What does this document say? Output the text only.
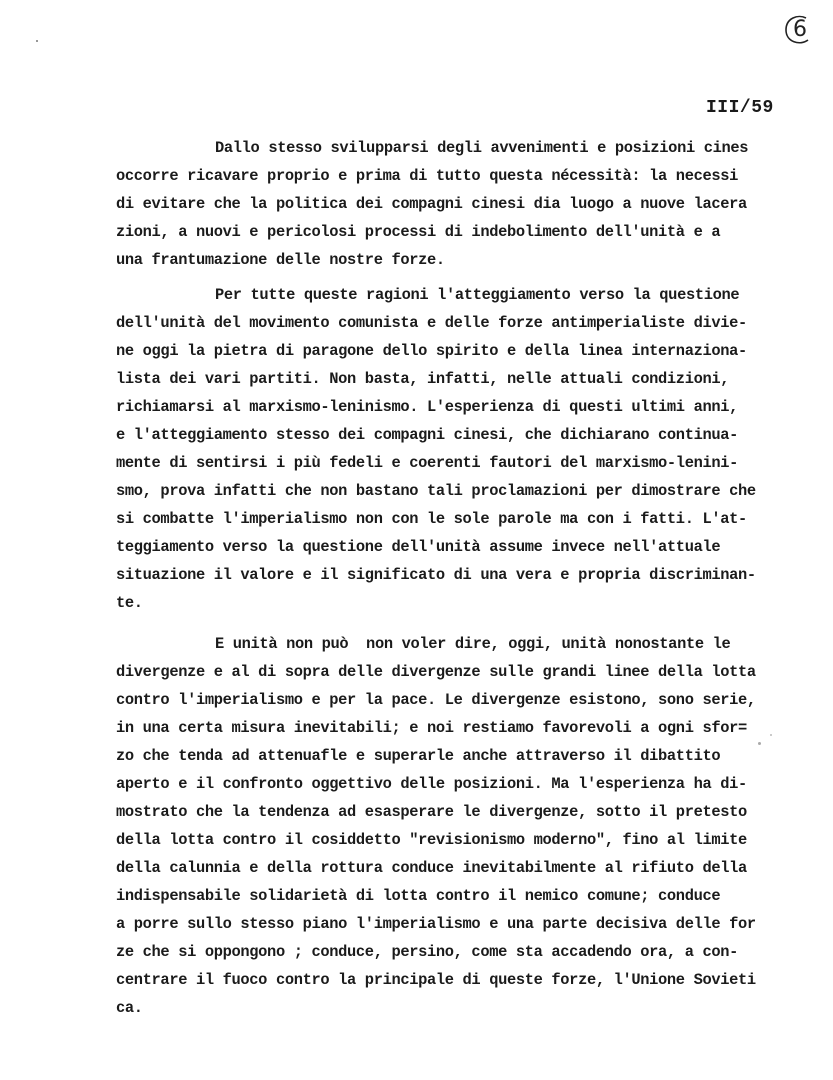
6
III/59
Dallo stesso svilupparsi degli avvenimenti e posizioni cines
occorre ricavare proprio e prima di tutto questa nécessità: la necessi
di evitare che la politica dei compagni cinesi dia luogo a nuove lacera
zioni, a nuovi e pericolosi processi di indebolimento dell'unità e a
una frantumazione delle nostre forze.
Per tutte queste ragioni l'atteggiamento verso la questione
dell'unità del movimento comunista e delle forze antimperialiste divie-
ne oggi la pietra di paragone dello spirito e della linea internaziona-
lista dei vari partiti. Non basta, infatti, nelle attuali condizioni,
richiamarsi al marxismo-leninismo. L'esperienza di questi ultimi anni,
e l'atteggiamento stesso dei compagni cinesi, che dichiarano continua-
mente di sentirsi i più fedeli e coerenti fautori del marxismo-lenini-
smo, prova infatti che non bastano tali proclamazioni per dimostrare che
si combatte l'imperialismo non con le sole parole ma con i fatti. L'at-
teggiamento verso la questione dell'unità assume invece nell'attuale
situazione il valore e il significato di una vera e propria discriminan-
te.
E unità non può  non voler dire, oggi, unità nonostante le
divergenze e al di sopra delle divergenze sulle grandi linee della lotta
contro l'imperialismo e per la pace. Le divergenze esistono, sono serie,
in una certa misura inevitabili; e noi restiamo favorevoli a ogni sfor=
zo che tenda ad attenuafle e superarle anche attraverso il dibattito
aperto e il confronto oggettivo delle posizioni. Ma l'esperienza ha di-
mostrato che la tendenza ad esasperare le divergenze, sotto il pretesto
della lotta contro il cosiddetto "revisionismo moderno", fino al limite
della calunnia e della rottura conduce inevitabilmente al rifiuto della
indispensabile solidarietà di lotta contro il nemico comune; conduce
a porre sullo stesso piano l'imperialismo e una parte decisiva delle for
ze che si oppongono ; conduce, persino, come sta accadendo ora, a con-
centrare il fuoco contro la principale di queste forze, l'Unione Sovieti
ca.
